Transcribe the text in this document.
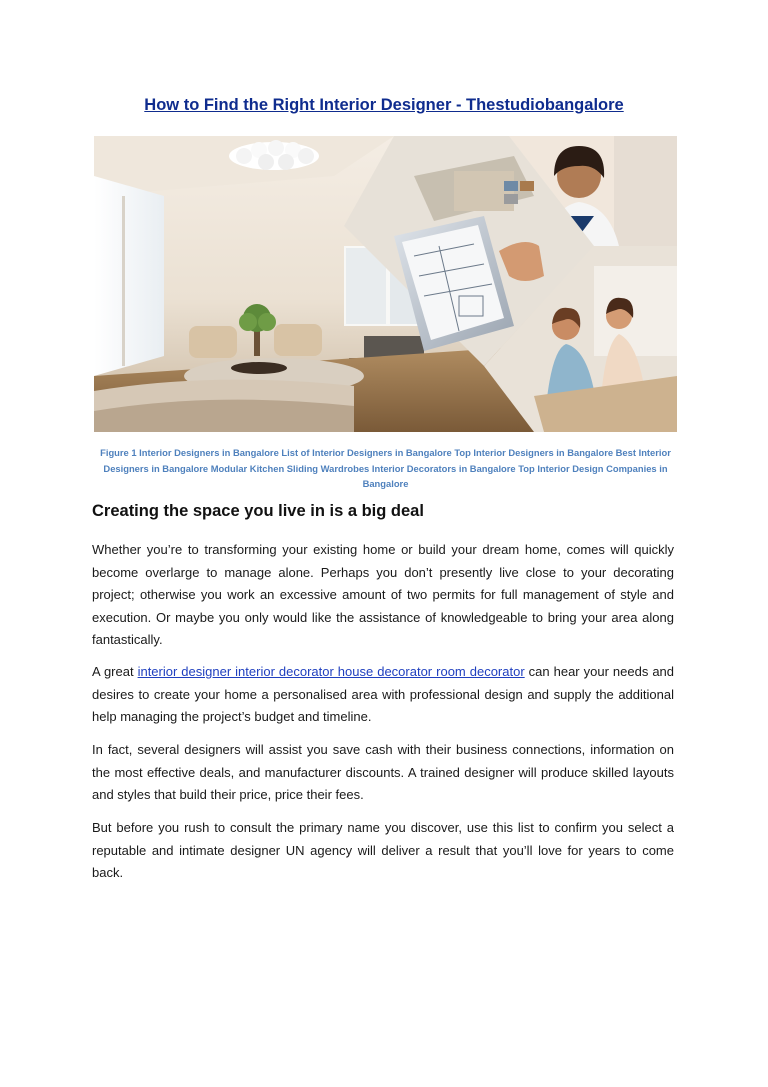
How to Find the Right Interior Designer - Thestudiobangalore

Figure 1 Interior Designers in Bangalore List of Interior Designers in Bangalore Top Interior Designers in Bangalore Best Interior Designers in Bangalore Modular Kitchen Sliding Wardrobes Interior Decorators in Bangalore Top Interior Design Companies in Bangalore

Creating the space you live in is a big deal

Whether you’re to transforming your existing home or build your dream home, comes will quickly become overlarge to manage alone. Perhaps you don’t presently live close to your decorating project; otherwise you work an excessive amount of two permits for full management of style and execution. Or maybe you only would like the assistance of knowledgeable to bring your area along fantastically.

A great interior designer interior decorator house decorator room decorator can hear your needs and desires to create your home a personalised area with professional design and supply the additional help managing the project’s budget and timeline.

In fact, several designers will assist you save cash with their business connections, information on the most effective deals, and manufacturer discounts. A trained designer will produce skilled layouts and styles that build their price, price their fees.

But before you rush to consult the primary name you discover, use this list to confirm you select a reputable and intimate designer UN agency will deliver a result that you’ll love for years to come back.
